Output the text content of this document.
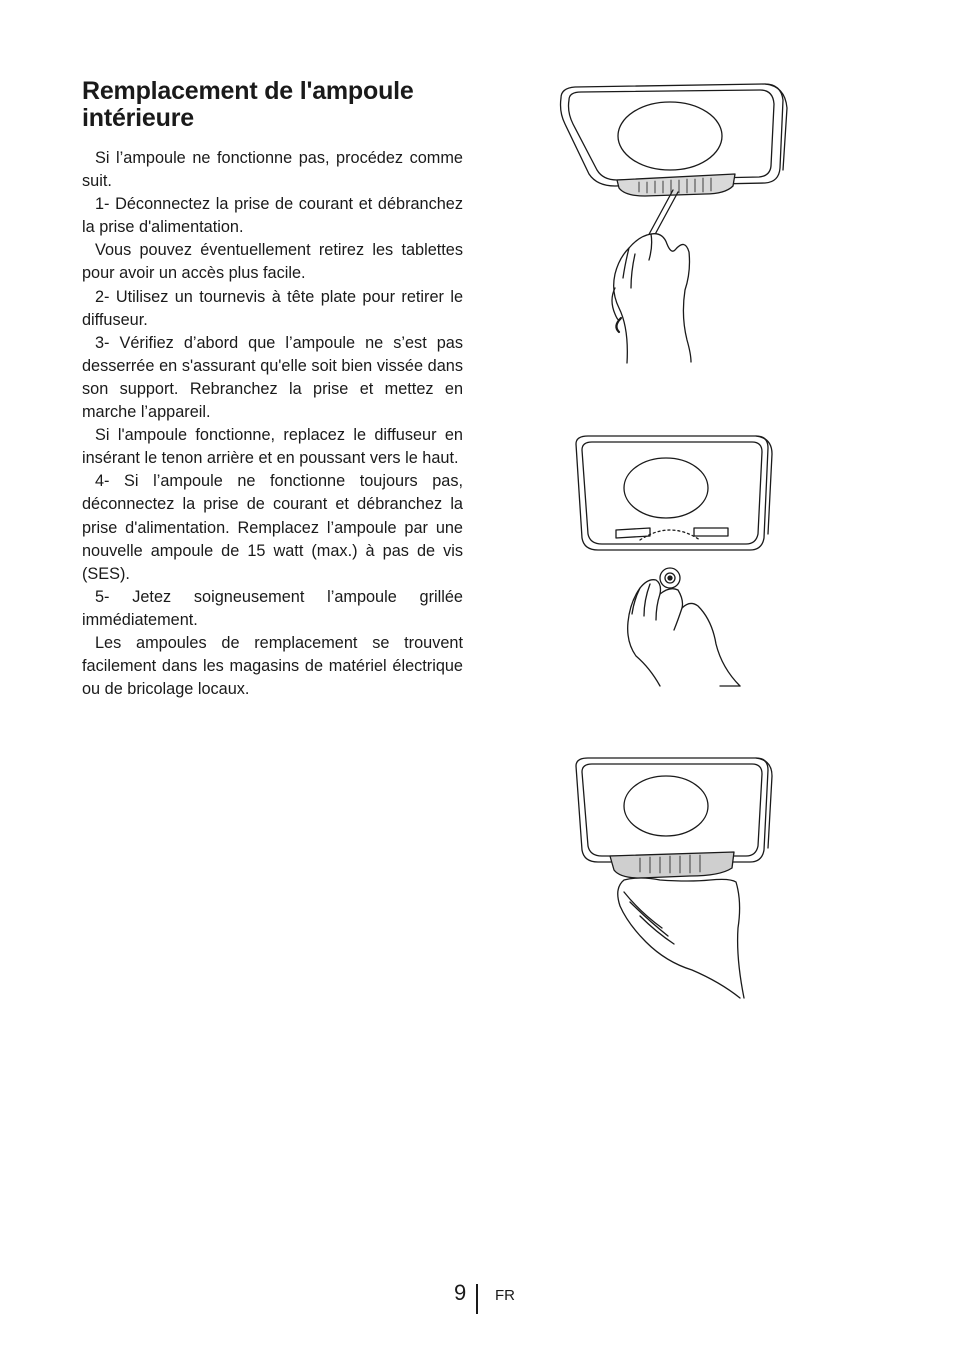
Remplacement de l'ampoule intérieure

Si l’ampoule ne fonctionne pas, procédez comme suit.

1- Déconnectez la prise de courant et débranchez la prise d'alimentation.

Vous pouvez éventuellement retirez les tablettes pour avoir un accès plus facile.

2- Utilisez un tournevis à tête plate pour retirer le diffuseur.

3- Vérifiez d’abord que l’ampoule ne s’est pas desserrée en s'assurant qu'elle soit bien vissée dans son support. Rebranchez la prise et mettez en marche l’appareil.

Si l'ampoule fonctionne, replacez le diffuseur en insérant le tenon arrière et en poussant vers le haut.

4- Si l’ampoule ne fonctionne toujours pas, déconnectez la prise de courant et débranchez la prise d'alimentation. Remplacez l’ampoule par une nouvelle ampoule de 15 watt (max.) à pas de vis (SES).

5- Jetez soigneusement l’ampoule grillée immédiatement.

Les ampoules de remplacement se trouvent facilement dans les magasins de matériel électrique ou de bricolage locaux.

9 FR
